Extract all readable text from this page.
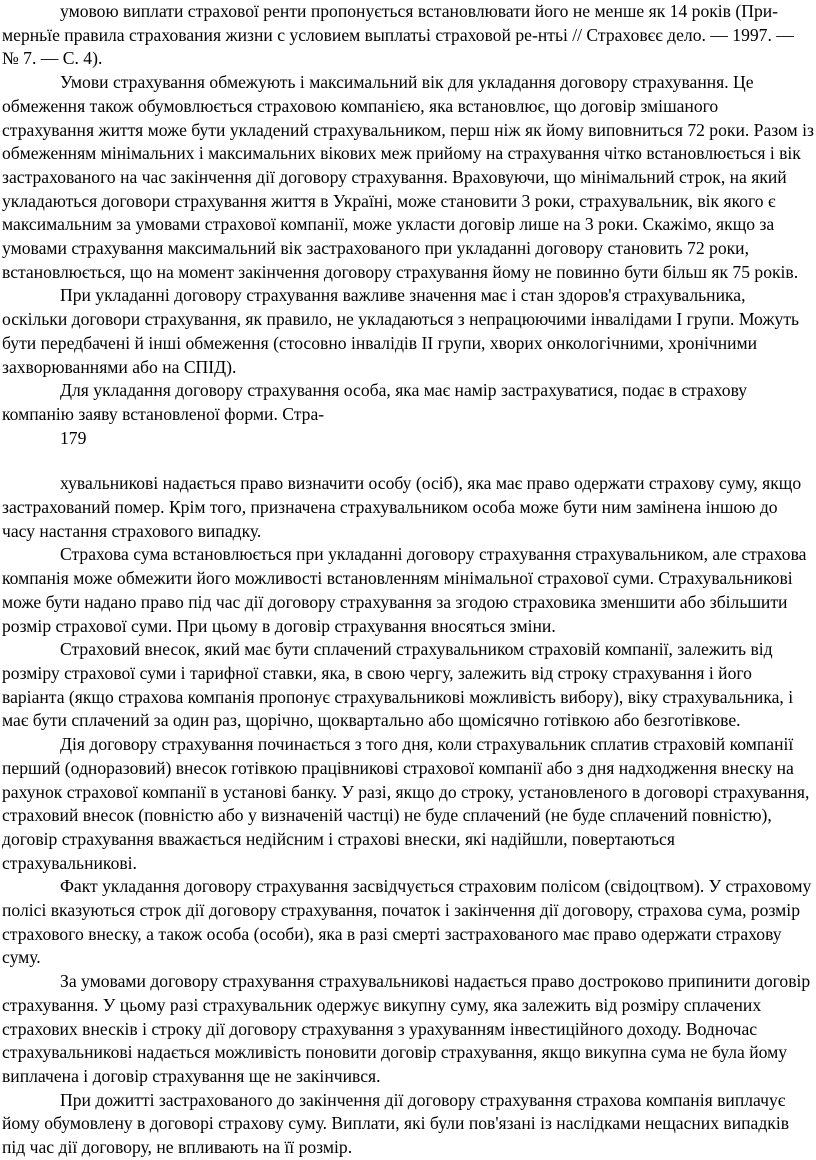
умовою виплати страхової ренти пропонується встановлювати його не менше як 14 років (При-мерньїе правила страхования жизни с условием выплатьі страховой ре-нтьі // Страховєє дело. — 1997. — № 7. — С. 4).

Умови страхування обмежують і максимальний вік для укладання договору страхування. Це обмеження також обумовлюється страховою компанією, яка встановлює, що договір змішаного страхування життя може бути укладений страхувальником, перш ніж як йому виповниться 72 роки. Разом із обмеженням мінімальних і максимальних вікових меж прийому на страхування чітко встановлюється і вік застрахованого на час закінчення дії договору страхування. Враховуючи, що мінімальний строк, на який укладаються договори страхування життя в Україні, може становити 3 роки, страхувальник, вік якого є максимальним за умовами страхової компанії, може укласти договір лише на 3 роки. Скажімо, якщо за умовами страхування максимальний вік застрахованого при укладанні договору становить 72 роки, встановлюється, що на момент закінчення договору страхування йому не повинно бути більш як 75 років.

При укладанні договору страхування важливе значення має і стан здоров'я страхувальника, оскільки договори страхування, як правило, не укладаються з непрацюючими інвалідами І групи. Можуть бути передбачені й інші обмеження (стосовно інвалідів II групи, хворих онкологічними, хронічними захворюваннями або на СПІД).

Для укладання договору страхування особа, яка має намір застрахуватися, подає в страхову компанію заяву встановленої форми. Стра-

179

хувальникові надається право визначити особу (осіб), яка має право одержати страхову суму, якщо застрахований помер. Крім того, призначена страхувальником особа може бути ним замінена іншою до часу настання страхового випадку.

Страхова сума встановлюється при укладанні договору страхування страхувальником, але страхова компанія може обмежити його можливості встановленням мінімальної страхової суми. Страхувальникові може бути надано право під час дії договору страхування за згодою страховика зменшити або збільшити розмір страхової суми. При цьому в договір страхування вносяться зміни.

Страховий внесок, який має бути сплачений страхувальником страховій компанії, залежить від розміру страхової суми і тарифної ставки, яка, в свою чергу, залежить від строку страхування і його варіанта (якщо страхова компанія пропонує страхувальникові можливість вибору), віку страхувальника, і має бути сплачений за один раз, щорічно, щоквартально або щомісячно готівкою або безготівкове.

Дія договору страхування починається з того дня, коли страхувальник сплатив страховій компанії перший (одноразовий) внесок готівкою працівникові страхової компанії або з дня надходження внеску на рахунок страхової компанії в установі банку. У разі, якщо до строку, установленого в договорі страхування, страховий внесок (повністю або у визначеній частці) не буде сплачений (не буде сплачений повністю), договір страхування вважається недійсним і страхові внески, які надійшли, повертаються страхувальникові.

Факт укладання договору страхування засвідчується страховим полісом (свідоцтвом). У страховому полісі вказуються строк дії договору страхування, початок і закінчення дії договору, страхова сума, розмір страхового внеску, а також особа (особи), яка в разі смерті застрахованого має право одержати страхову суму.

За умовами договору страхування страхувальникові надається право достроково припинити договір страхування. У цьому разі страхувальник одержує викупну суму, яка залежить від розміру сплачених страхових внесків і строку дії договору страхування з урахуванням інвестиційного доходу. Водночас страхувальникові надається можливість поновити договір страхування, якщо викупна сума не була йому виплачена і договір страхування ще не закінчився.

При дожитті застрахованого до закінчення дії договору страхування страхова компанія виплачує йому обумовлену в договорі страхову суму. Виплати, які були пов'язані із наслідками нещасних випадків під час дії договору, не впливають на її розмір.
